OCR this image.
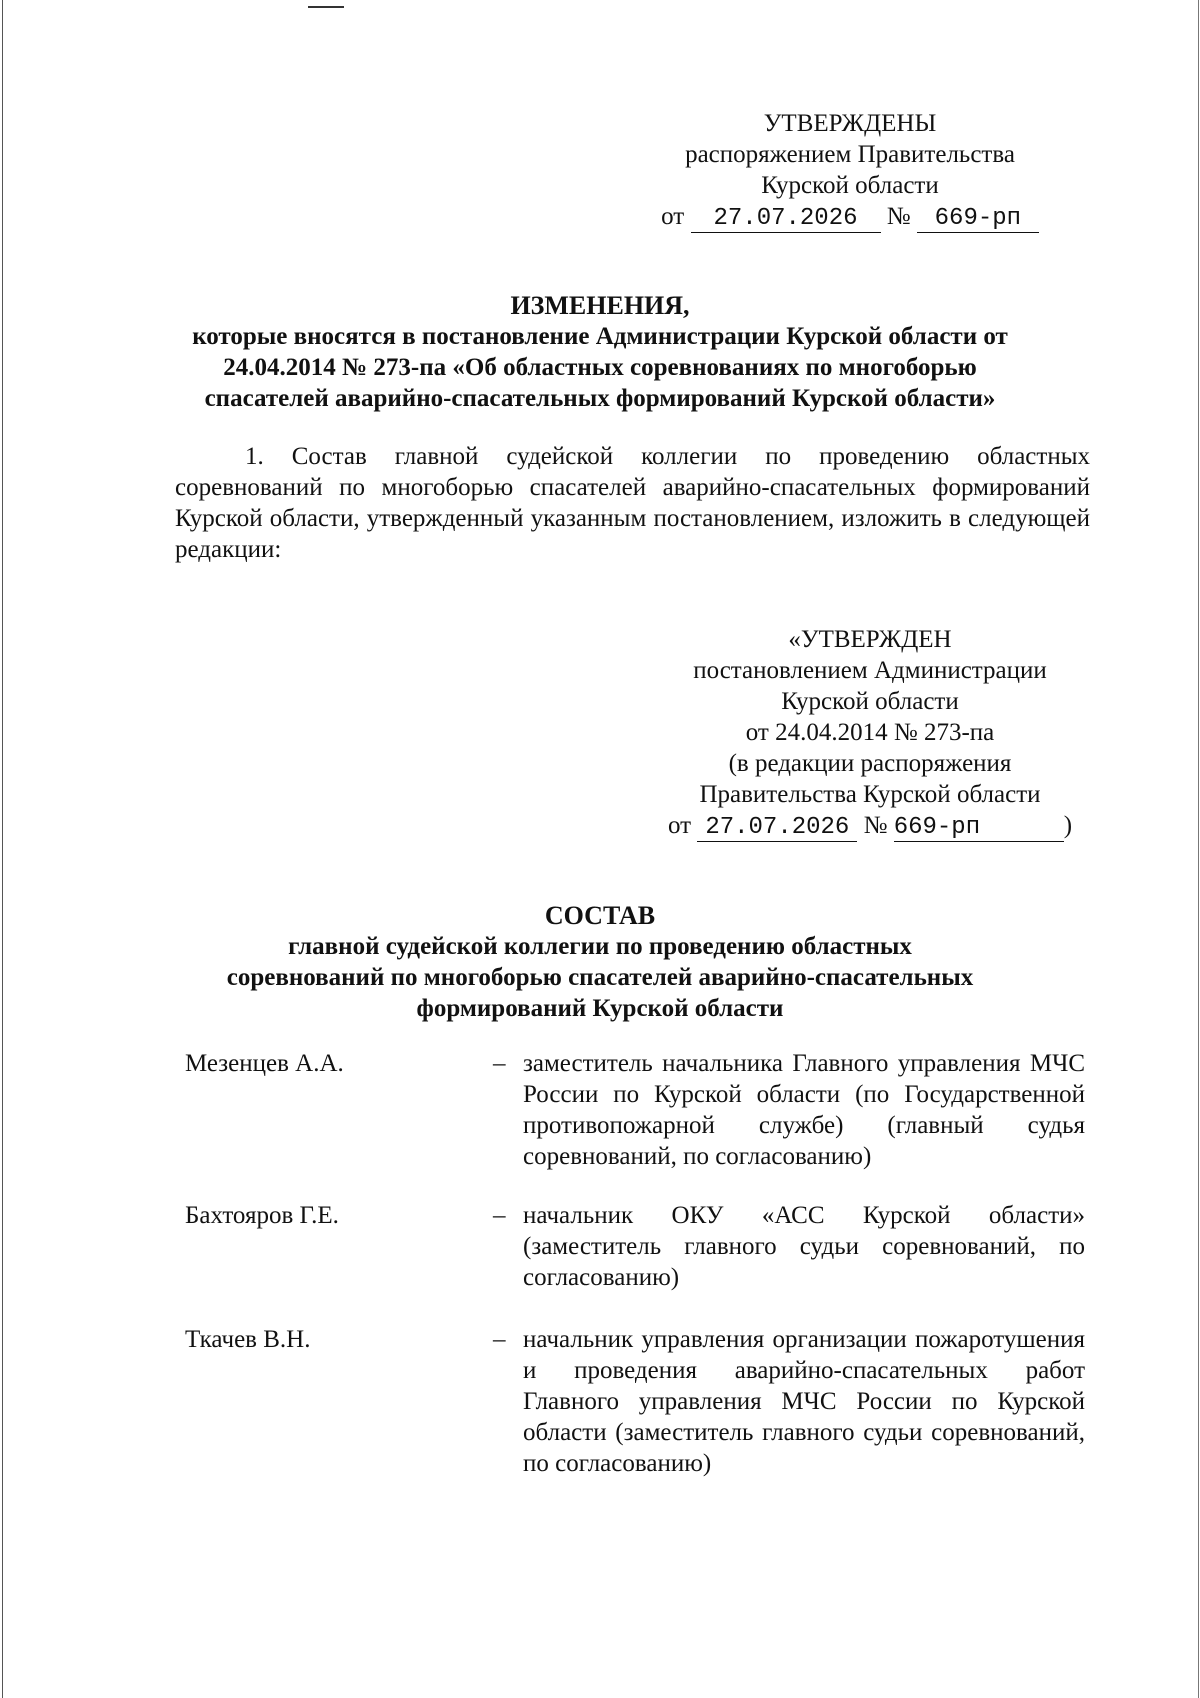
УТВЕРЖДЕНЫ
распоряжением Правительства
Курской области
от 27.07.2026 № 669-рп
ИЗМЕНЕНИЯ,
которые вносятся в постановление Администрации Курской области от
24.04.2014 № 273-па «Об областных соревнованиях по многоборью
спасателей аварийно-спасательных формирований Курской области»
1. Состав главной судейской коллегии по проведению областных соревнований по многоборью спасателей аварийно-спасательных формирований Курской области, утвержденный указанным постановлением, изложить в следующей редакции:
«УТВЕРЖДЕН
постановлением Администрации
Курской области
от 24.04.2014 № 273-па
(в редакции распоряжения
Правительства Курской области
от 27.07.2026 № 669-рп	)
СОСТАВ
главной судейской коллегии по проведению областных
соревнований по многоборью спасателей аварийно-спасательных
формирований Курской области
Мезенцев А.А.	– заместитель начальника Главного управления МЧС России по Курской области (по Государственной противопожарной службе) (главный судья соревнований, по согласованию)
Бахтояров Г.Е.	– начальник ОКУ «АСС Курской области» (заместитель главного судьи соревнований, по согласованию)
Ткачев В.Н.	– начальник управления организации пожаротушения и проведения аварийно-спасательных работ Главного управления МЧС России по Курской области (заместитель главного судьи соревнований, по согласованию)
